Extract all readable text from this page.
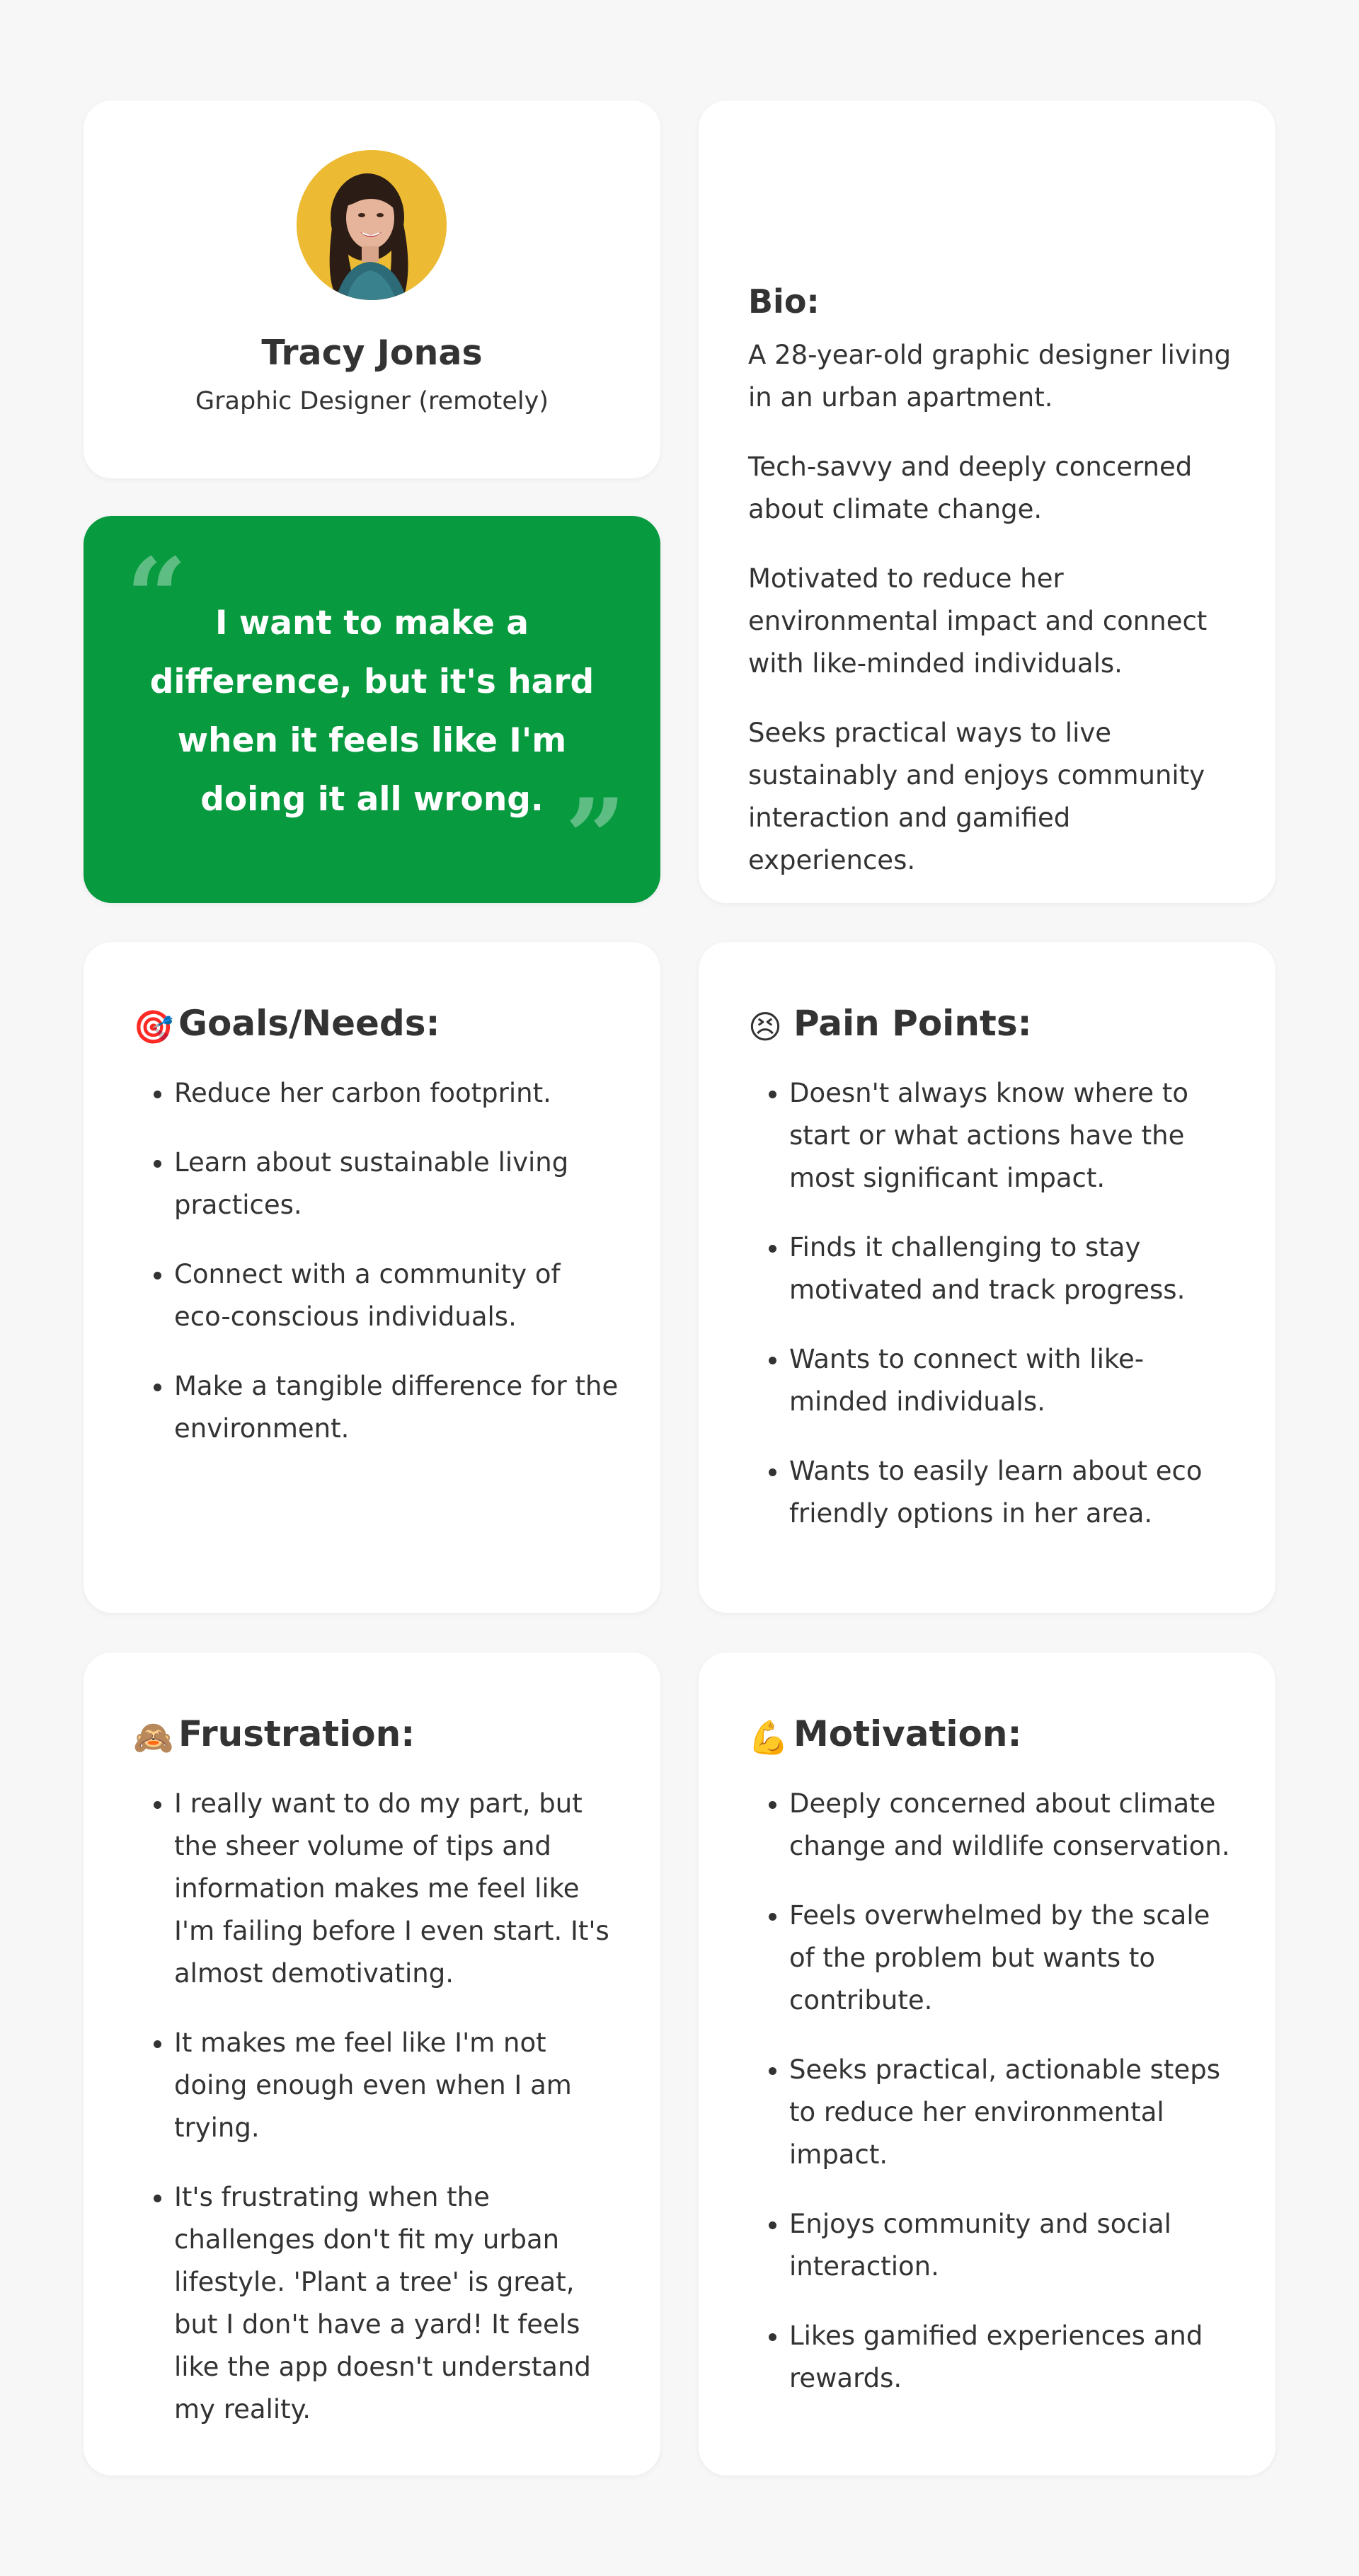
Tracy Jonas
Graphic Designer (remotely)
“ I want to make a difference, but it's hard when it feels like I'm doing it all wrong. ”
Bio:

A 28-year-old graphic designer living in an urban apartment.

Tech-savvy and deeply concerned about climate change.

Motivated to reduce her environmental impact and connect with like-minded individuals.

Seeks practical ways to live sustainably and enjoys community interaction and gamified experiences.

🎯 Goals/Needs:
• Reduce her carbon footprint.
• Learn about sustainable living practices.
• Connect with a community of eco-conscious individuals.
• Make a tangible difference for the environment.
😣 Pain Points:
• Doesn't always know where to start or what actions have the most significant impact.
• Finds it challenging to stay motivated and track progress.
• Wants to connect with like-minded individuals.
• Wants to easily learn about eco friendly options in her area.
🙈 Frustration:
• I really want to do my part, but the sheer volume of tips and information makes me feel like I'm failing before I even start. It's almost demotivating.
• It makes me feel like I'm not doing enough even when I am trying.
• It's frustrating when the challenges don't fit my urban lifestyle. 'Plant a tree' is great, but I don't have a yard! It feels like the app doesn't understand my reality.
💪 Motivation:
• Deeply concerned about climate change and wildlife conservation.
• Feels overwhelmed by the scale of the problem but wants to contribute.
• Seeks practical, actionable steps to reduce her environmental impact.
• Enjoys community and social interaction.
• Likes gamified experiences and rewards.
